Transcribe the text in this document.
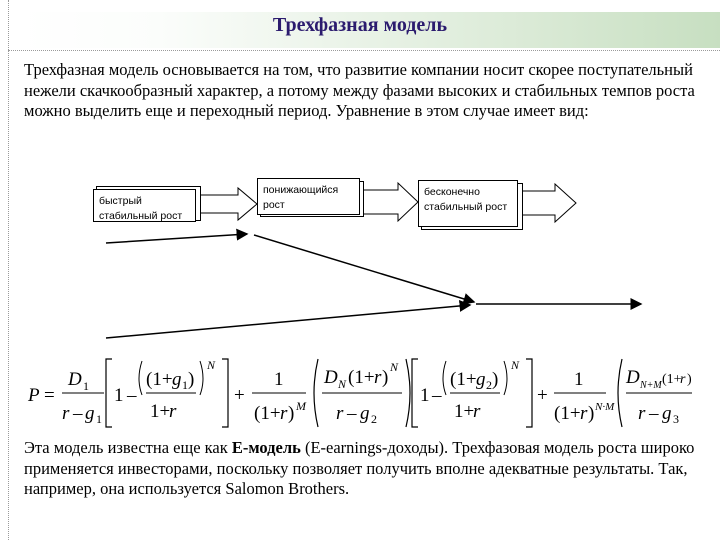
Трехфазная модель

Трехфазная модель основывается на том, что развитие компании носит скорее поступательный нежели скачкообразный характер, а потому между фазами высоких и стабильных темпов роста можно выделить еще и переходный период. Уравнение в этом случае имеет вид:

быстрый стабильный рост
понижающийся рост
бесконечно стабильный рост
P =
D 1
r – g 1
1 –
(1+ g 1 )
1+
r
N
+
1
(1+ r ) M
D N (1+ r ) N
r – g 2
1 –
(1+ g 2 )
1+
r
N
+
1
(1+ r ) N·M
D N+M (1+
r )
r – g 3

Эта модель известна еще как Е-модель (E-earnings-доходы). Трехфазовая модель роста широко применяется инвесторами, поскольку позволяет получить вполне адекватные результаты. Так, например, она используется Salomon Brothers.
